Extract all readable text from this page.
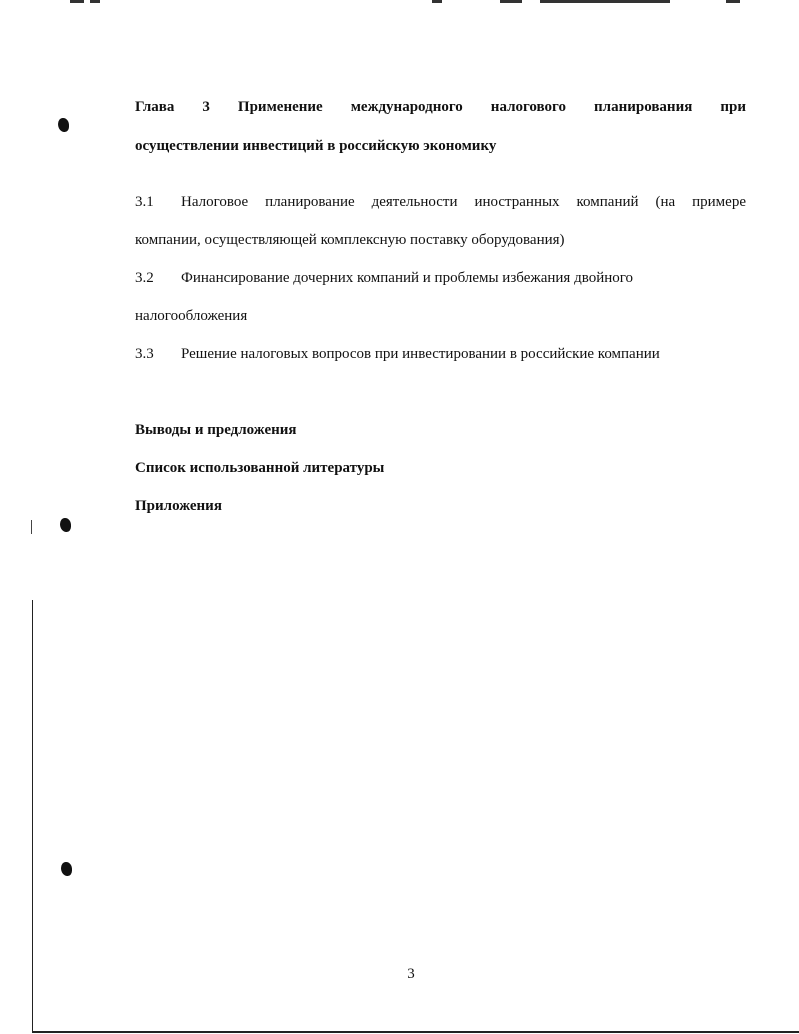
Глава 3 Применение международного налогового планирования при
осуществлении инвестиций в российскую экономику
3.1 Налоговое планирование деятельности иностранных компаний (на примере
компании, осуществляющей комплексную поставку оборудования)
3.2 Финансирование дочерних компаний и проблемы избежания двойного
налогообложения
3.3 Решение налоговых вопросов при инвестировании в российские компании
Выводы и предложения
Список использованной литературы
Приложения
3
